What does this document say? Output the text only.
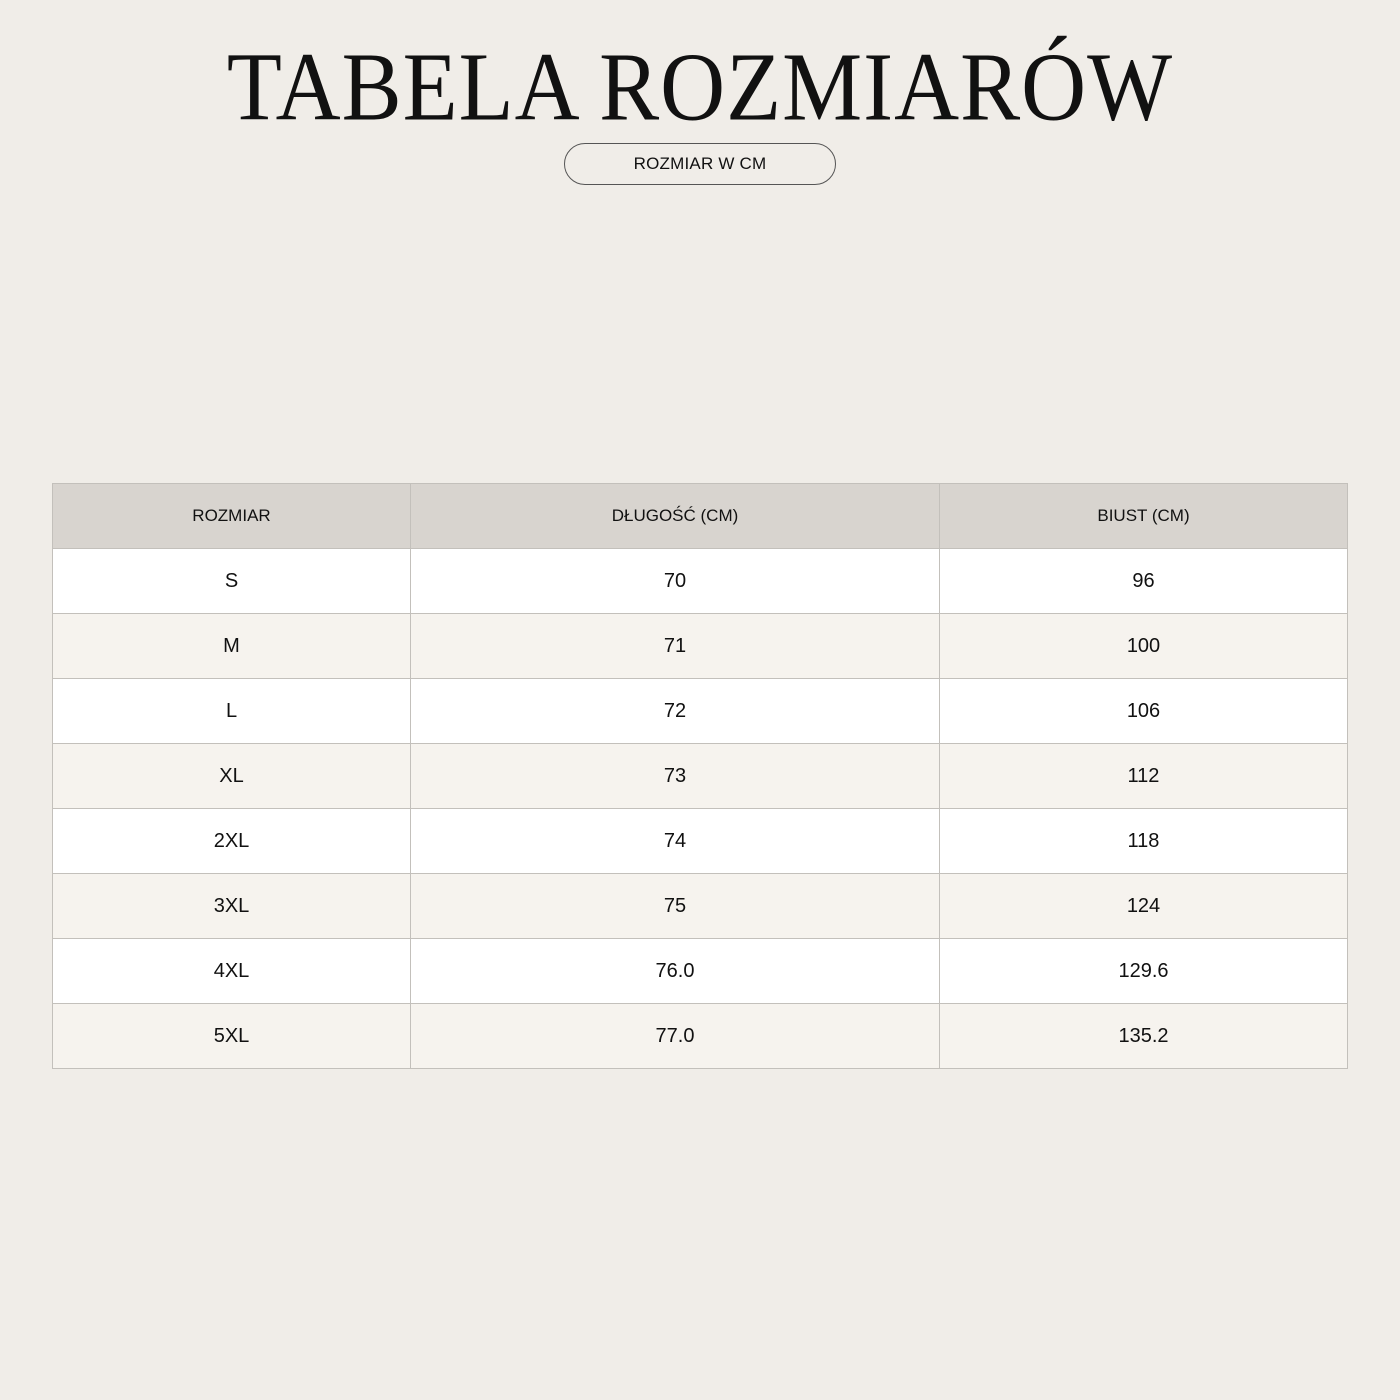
TABELA ROZMIARÓW
ROZMIAR W CM
ROZMIAR	DŁUGOŚĆ (CM)	BIUST (CM)
S	70	96
M	71	100
L	72	106
XL	73	112
2XL	74	118
3XL	75	124
4XL	76.0	129.6
5XL	77.0	135.2
